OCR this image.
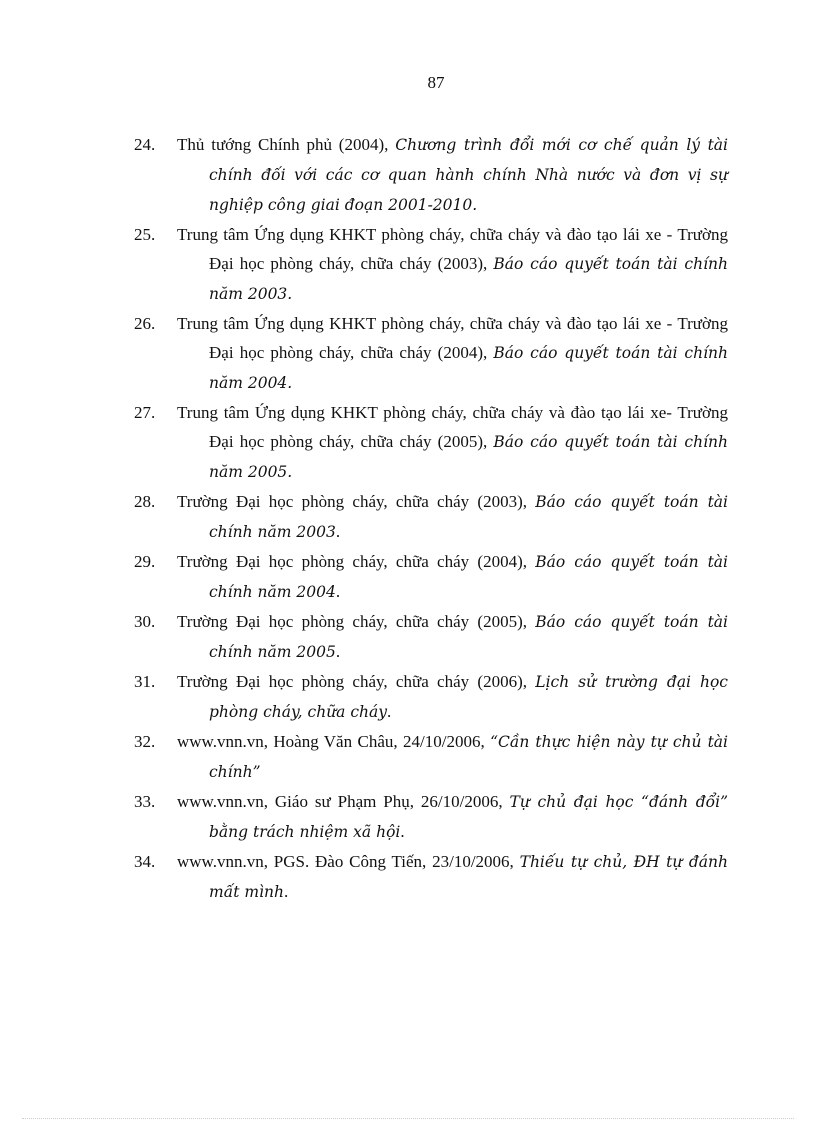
87
24.	Thủ tướng Chính phủ (2004), Chương trình đổi mới cơ chế quản lý tài chính đối với các cơ quan hành chính Nhà nước và đơn vị sự nghiệp công giai đoạn 2001-2010.
25.	Trung tâm Ứng dụng KHKT phòng cháy, chữa cháy và đào tạo lái xe - Trường Đại học phòng cháy, chữa cháy (2003), Báo cáo quyết toán tài chính năm 2003.
26.	Trung tâm Ứng dụng KHKT phòng cháy, chữa cháy và đào tạo lái xe - Trường Đại học phòng cháy, chữa cháy (2004), Báo cáo quyết toán tài chính năm 2004.
27.	Trung tâm Ứng dụng KHKT phòng cháy, chữa cháy và đào tạo lái xe- Trường Đại học phòng cháy, chữa cháy (2005), Báo cáo quyết toán tài chính năm 2005.
28.	Trường Đại học phòng cháy, chữa cháy (2003), Báo cáo quyết toán tài chính năm 2003.
29.	Trường Đại học phòng cháy, chữa cháy (2004), Báo cáo quyết toán tài chính năm 2004.
30.	Trường Đại học phòng cháy, chữa cháy (2005), Báo cáo quyết toán tài chính năm 2005.
31.	Trường Đại học phòng cháy, chữa cháy (2006), Lịch sử trường đại học phòng cháy, chữa cháy.
32.	www.vnn.vn, Hoàng Văn Châu, 24/10/2006, “Cần thực hiện này tự chủ tài chính”
33.	www.vnn.vn, Giáo sư Phạm Phụ, 26/10/2006, Tự chủ đại học “đánh đổi” bằng trách nhiệm xã hội.
34.	www.vnn.vn, PGS. Đào Công Tiến, 23/10/2006, Thiếu tự chủ, ĐH tự đánh mất mình.
